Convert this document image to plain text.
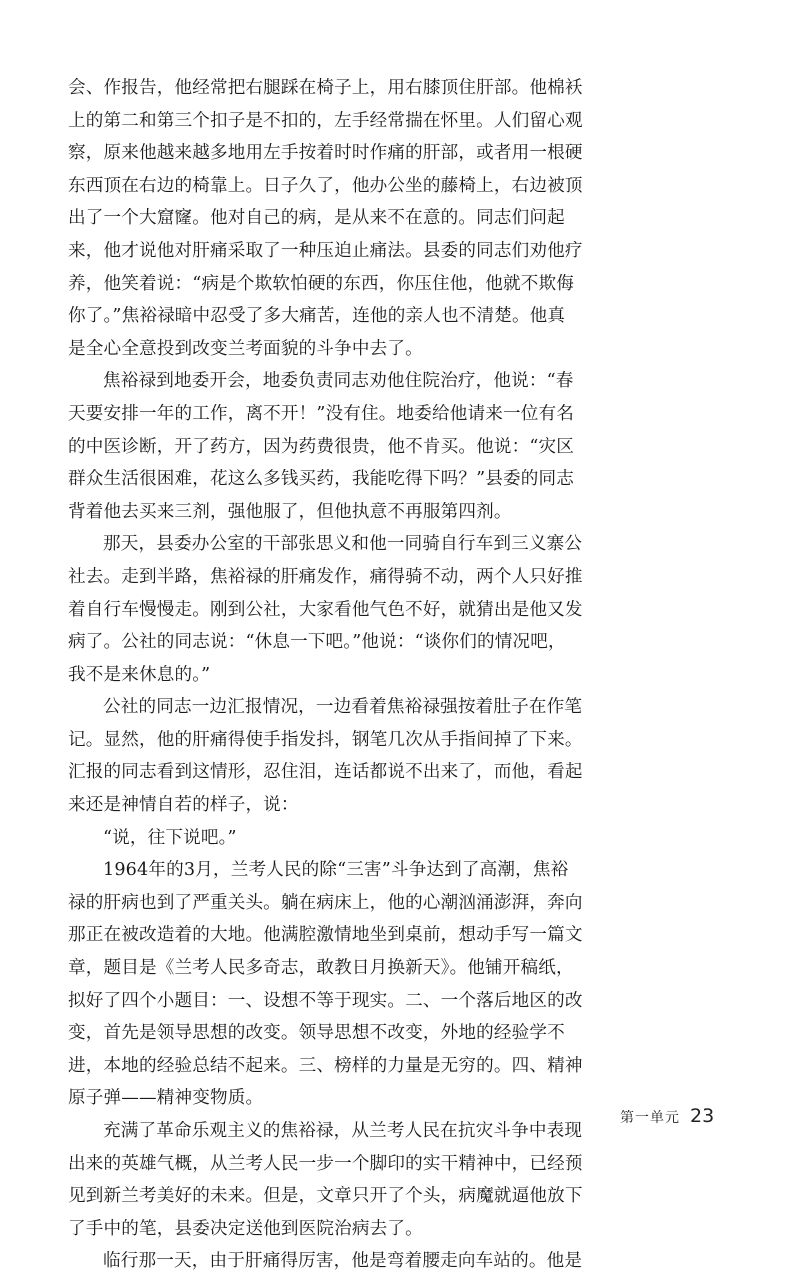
会、作报告，他经常把右腿踩在椅子上，用右膝顶住肝部。他棉袄
上的第二和第三个扣子是不扣的，左手经常揣在怀里。人们留心观
察，原来他越来越多地用左手按着时时作痛的肝部，或者用一根硬
东西顶在右边的椅靠上。日子久了，他办公坐的藤椅上，右边被顶
出了一个大窟窿。他对自己的病，是从来不在意的。同志们问起
来，他才说他对肝痛采取了一种压迫止痛法。县委的同志们劝他疗
养，他笑着说：“病是个欺软怕硬的东西，你压住他，他就不欺侮
你了。”焦裕禄暗中忍受了多大痛苦，连他的亲人也不清楚。他真
是全心全意投到改变兰考面貌的斗争中去了。
焦裕禄到地委开会，地委负责同志劝他住院治疗，他说：“春
天要安排一年的工作，离不开！”没有住。地委给他请来一位有名
的中医诊断，开了药方，因为药费很贵，他不肯买。他说：“灾区
群众生活很困难，花这么多钱买药，我能吃得下吗？”县委的同志
背着他去买来三剂，强他服了，但他执意不再服第四剂。
那天，县委办公室的干部张思义和他一同骑自行车到三义寨公
社去。走到半路，焦裕禄的肝痛发作，痛得骑不动，两个人只好推
着自行车慢慢走。刚到公社，大家看他气色不好，就猜出是他又发
病了。公社的同志说：“休息一下吧。”他说：“谈你们的情况吧，
我不是来休息的。”
公社的同志一边汇报情况，一边看着焦裕禄强按着肚子在作笔
记。显然，他的肝痛得使手指发抖，钢笔几次从手指间掉了下来。
汇报的同志看到这情形，忍住泪，连话都说不出来了，而他，看起
来还是神情自若的样子，说：
“说，往下说吧。”
1964年的3月，兰考人民的除“三害”斗争达到了高潮，焦裕
禄的肝病也到了严重关头。躺在病床上，他的心潮汹涌澎湃，奔向
那正在被改造着的大地。他满腔激情地坐到桌前，想动手写一篇文
章，题目是《兰考人民多奇志，敢教日月换新天》。他铺开稿纸，
拟好了四个小题目：一、设想不等于现实。二、一个落后地区的改
变，首先是领导思想的改变。领导思想不改变，外地的经验学不
进，本地的经验总结不起来。三、榜样的力量是无穷的。四、精神
原子弹——精神变物质。
充满了革命乐观主义的焦裕禄，从兰考人民在抗灾斗争中表现
出来的英雄气概，从兰考人民一步一个脚印的实干精神中，已经预
见到新兰考美好的未来。但是，文章只开了个头，病魔就逼他放下
了手中的笔，县委决定送他到医院治病去了。
临行那一天，由于肝痛得厉害，他是弯着腰走向车站的。他是
第一单元 23
